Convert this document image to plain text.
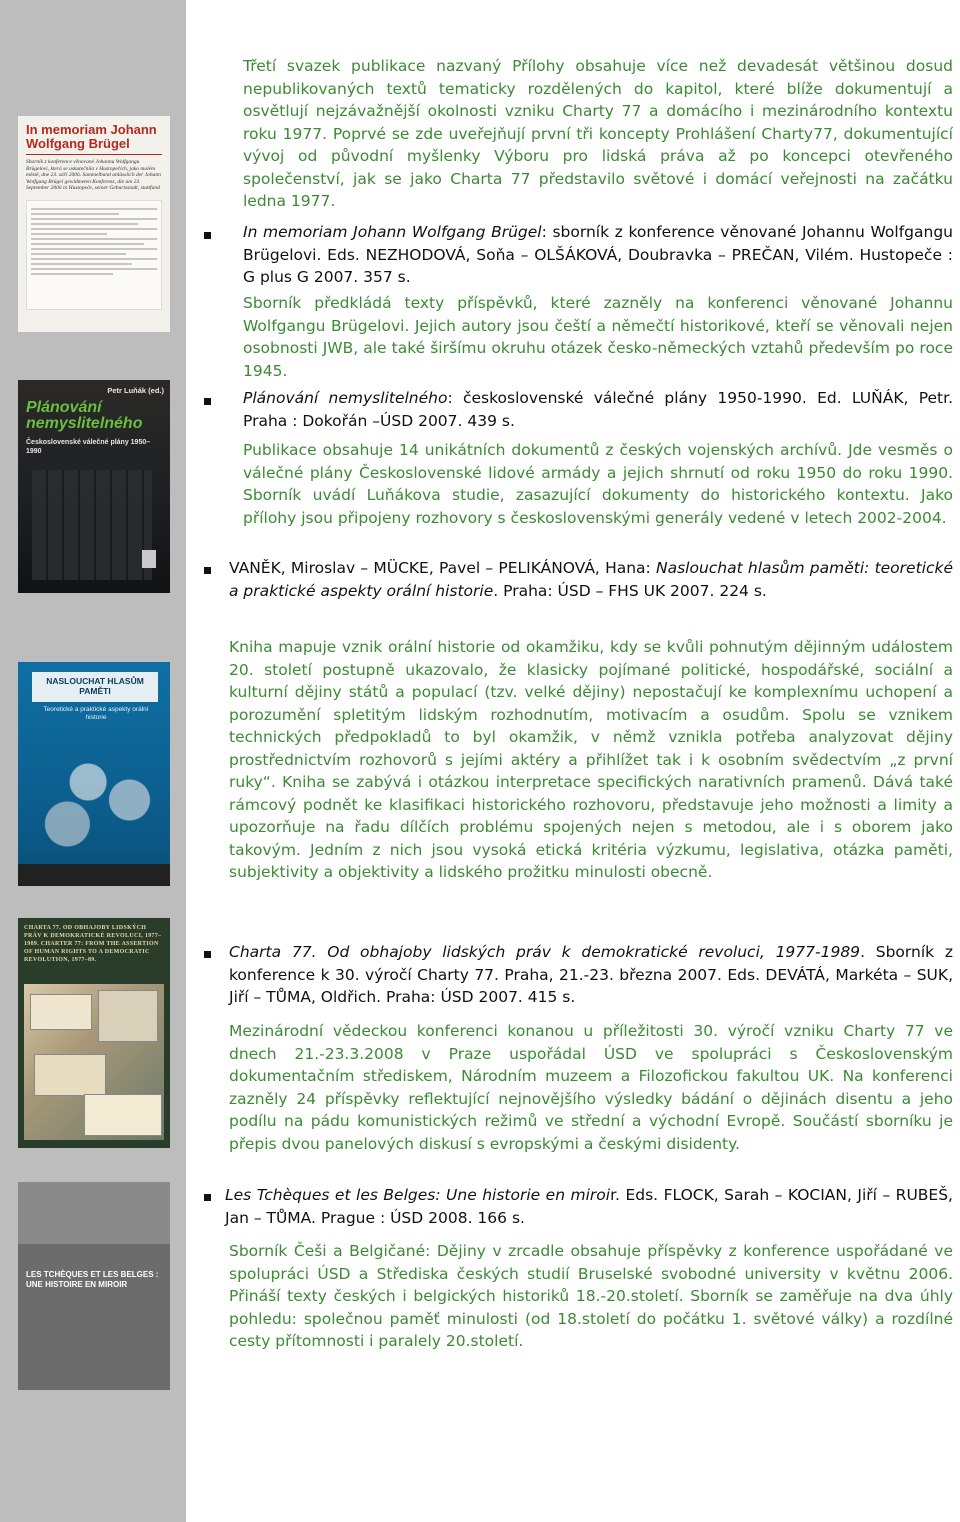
In memoriam Johann Wolfgang Brügel
Sborník z konference věnované Johannu Wolfgangu Brügelovi, která se uskutečnila v Hustopečích, jako malém městě, dne 23. září 2006. Sammelband anlässlich der Johann Wolfgang Brügel gewidmeten Konferenz, die am 23. September 2006 in Hustopeče, seiner Geburtsstadt, stattfand
Petr Luňák (ed.)
Plánování nemyslitelného
Československé válečné plány 1950–1990
NASLOUCHAT HLASŮM PAMĚTI
Teoretické a praktické aspekty orální historie
CHARTA 77. OD OBHAJOBY LIDSKÝCH PRÁV K DEMOKRATICKÉ REVOLUCI, 1977–1989. CHARTER 77: FROM THE ASSERTION OF HUMAN RIGHTS TO A DEMOCRATIC REVOLUTION, 1977–89.
LES TCHÈQUES ET LES BELGES : UNE HISTOIRE EN MIROIR

Třetí svazek publikace nazvaný Přílohy obsahuje více než devadesát většinou dosud nepublikovaných textů tematicky rozdělených do kapitol, které blíže dokumentují a osvětlují nejzávažnější okolnosti vzniku Charty 77 a domácího i mezinárodního kontextu roku 1977. Poprvé se zde uveřejňují první tři koncepty Prohlášení Charty77, dokumentující vývoj od původní myšlenky Výboru pro lidská práva až po koncepci otevřeného společenství, jak se jako Charta 77 představilo světové i domácí veřejnosti na začátku ledna 1977.

In memoriam Johann Wolfgang Brügel: sborník z konference věnované Johannu Wolfgangu Brügelovi. Eds. NEZHODOVÁ, Soňa – OLŠÁKOVÁ, Doubravka – PREČAN, Vilém. Hustopeče : G plus G 2007. 357 s.

Sborník předkládá texty příspěvků, které zazněly na konferenci věnované Johannu Wolfgangu Brügelovi. Jejich autory jsou čeští a němečtí historikové, kteří se věnovali nejen osobnosti JWB, ale také širšímu okruhu otázek česko-německých vztahů především po roce 1945.

Plánování nemyslitelného: československé válečné plány 1950-1990. Ed. LUŇÁK, Petr. Praha : Dokořán –ÚSD 2007. 439 s.

Publikace obsahuje 14 unikátních dokumentů z českých vojenských archívů. Jde vesměs o válečné plány Československé lidové armády a jejich shrnutí od roku 1950 do roku 1990. Sborník uvádí Luňákova studie, zasazující dokumenty do historického kontextu. Jako přílohy jsou připojeny rozhovory s československými generály vedené v letech 2002-2004.

VANĚK, Miroslav – MÜCKE, Pavel – PELIKÁNOVÁ, Hana: Naslouchat hlasům paměti: teoretické a praktické aspekty orální historie. Praha: ÚSD – FHS UK 2007. 224 s.

Kniha mapuje vznik orální historie od okamžiku, kdy se kvůli pohnutým dějinným událostem 20. století postupně ukazovalo, že klasicky pojímané politické, hospodářské, sociální a kulturní dějiny států a populací (tzv. velké dějiny) nepostačují ke komplexnímu uchopení a porozumění spletitým lidským rozhodnutím, motivacím a osudům. Spolu se vznikem technických předpokladů to byl okamžik, v němž vznikla potřeba analyzovat dějiny prostřednictvím rozhovorů s jejími aktéry a přihlížet tak i k osobním svědectvím „z první ruky“. Kniha se zabývá i otázkou interpretace specifických narativních pramenů. Dává také rámcový podnět ke klasifikaci historického rozhovoru, představuje jeho možnosti a limity a upozorňuje na řadu dílčích problému spojených nejen s metodou, ale i s oborem jako takovým. Jedním z nich jsou vysoká etická kritéria výzkumu, legislativa, otázka paměti, subjektivity a objektivity a lidského prožitku minulosti obecně.

Charta 77. Od obhajoby lidských práv k demokratické revoluci, 1977-1989. Sborník z konference k 30. výročí Charty 77. Praha, 21.-23. března 2007. Eds. DEVÁTÁ, Markéta – SUK, Jiří – TŮMA, Oldřich. Praha: ÚSD 2007. 415 s.

Mezinárodní vědeckou konferenci konanou u příležitosti 30. výročí vzniku Charty 77 ve dnech 21.-23.3.2008 v Praze uspořádal ÚSD ve spolupráci s Československým dokumentačním střediskem, Národním muzeem a Filozofickou fakultou UK. Na konferenci zazněly 24 příspěvky reflektující nejnovějšího výsledky bádání o dějinách disentu a jeho podílu na pádu komunistických režimů ve střední a východní Evropě. Součástí sborníku je přepis dvou panelových diskusí s evropskými a českými disidenty.

Les Tchèques et les Belges: Une historie en miroir. Eds. FLOCK, Sarah – KOCIAN, Jiří – RUBEŠ, Jan – TŮMA. Prague : ÚSD 2008. 166 s.

Sborník Češi a Belgičané: Dějiny v zrcadle obsahuje příspěvky z konference uspořádané ve spolupráci ÚSD a Střediska českých studií Bruselské svobodné university v květnu 2006. Přináší texty českých i belgických historiků 18.-20.století. Sborník se zaměřuje na dva úhly pohledu: společnou paměť minulosti (od 18.století do počátku 1. světové války) a rozdílné cesty přítomnosti i paralely 20.století.
